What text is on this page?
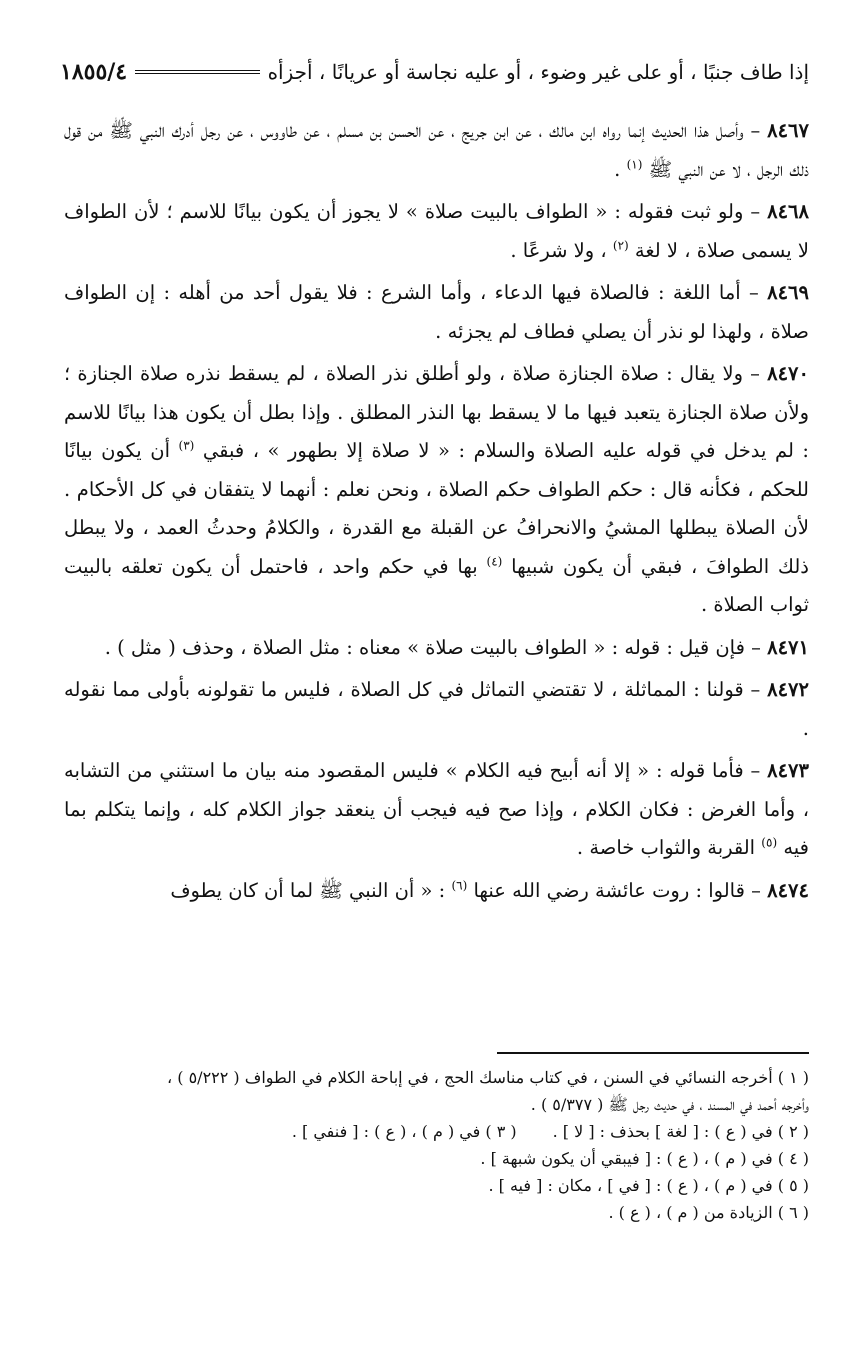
إذا طاف جنبًا ، أو على غير وضوء ، أو عليه نجاسة أو عريانًا ، أجزأه
١٨٥٥/٤

٨٤٦٧ – وأصل هذا الحديث إنما رواه ابن مالك ، عن ابن جريج ، عن الحسن بن مسلم ، عن طاووس ، عن رجل أدرك النبي ﷺ من قول ذلك الرجل ، لا عن النبي ﷺ $^{(١)}$ .

٨٤٦٨ – ولو ثبت فقوله : « الطواف بالبيت صلاة » لا يجوز أن يكون بيانًا للاسم ؛ لأن الطواف لا يسمى صلاة ، لا لغة $^{(٢)}$ ، ولا شرعًا .

٨٤٦٩ – أما اللغة : فالصلاة فيها الدعاء ، وأما الشرع : فلا يقول أحد من أهله : إن الطواف صلاة ، ولهذا لو نذر أن يصلي فطاف لم يجزئه .

٨٤٧٠ – ولا يقال : صلاة الجنازة صلاة ، ولو أطلق نذر الصلاة ، لم يسقط نذره صلاة الجنازة ؛ ولأن صلاة الجنازة يتعبد فيها ما لا يسقط بها النذر المطلق . وإذا بطل أن يكون هذا بيانًا للاسم : لم يدخل في قوله عليه الصلاة والسلام : « لا صلاة إلا بطهور » ، فبقي $^{(٣)}$ أن يكون بيانًا للحكم ، فكأنه قال : حكم الطواف حكم الصلاة ، ونحن نعلم : أنهما لا يتفقان في كل الأحكام . لأن الصلاة يبطلها المشيُ والانحرافُ عن القبلة مع القدرة ، والكلامُ وحدثُ العمد ، ولا يبطل ذلك الطوافَ ، فبقي أن يكون شبيها $^{(٤)}$ بها في حكم واحد ، فاحتمل أن يكون تعلقه بالبيت ثواب الصلاة .

٨٤٧١ – فإن قيل : قوله : « الطواف بالبيت صلاة » معناه : مثل الصلاة ، وحذف ( مثل ) .

٨٤٧٢ – قولنا : المماثلة ، لا تقتضي التماثل في كل الصلاة ، فليس ما تقولونه بأولى مما نقوله .

٨٤٧٣ – فأما قوله : « إلا أنه أبيح فيه الكلام » فليس المقصود منه بيان ما استثني من التشابه ، وأما الغرض : فكان الكلام ، وإذا صح فيه فيجب أن ينعقد جواز الكلام كله ، وإنما يتكلم بما فيه $^{(٥)}$ القربة والثواب خاصة .

٨٤٧٤ – قالوا : روت عائشة رضي الله عنها $^{(٦)}$ : « أن النبي ﷺ لما أن كان يطوف

( ١ ) أخرجه النسائي في السنن ، في كتاب مناسك الحج ، في إباحة الكلام في الطواف ( ٥/٢٢٢ ) ،

وأخرجه أحمد في المسند ، في حديث رجل ﷺ ( ٥/٣٧٧ ) .

( ٢ ) في ( ع ) : [ لغة ] بحذف : [ لا ] .( ٣ ) في ( م ) ، ( ع ) : [ فنفي ] .

( ٤ ) في ( م ) ، ( ع ) : [ فيبقي أن يكون شبهة ] .

( ٥ ) في ( م ) ، ( ع ) : [ في ] ، مكان : [ فيه ] .

( ٦ ) الزيادة من ( م ) ، ( ع ) .
